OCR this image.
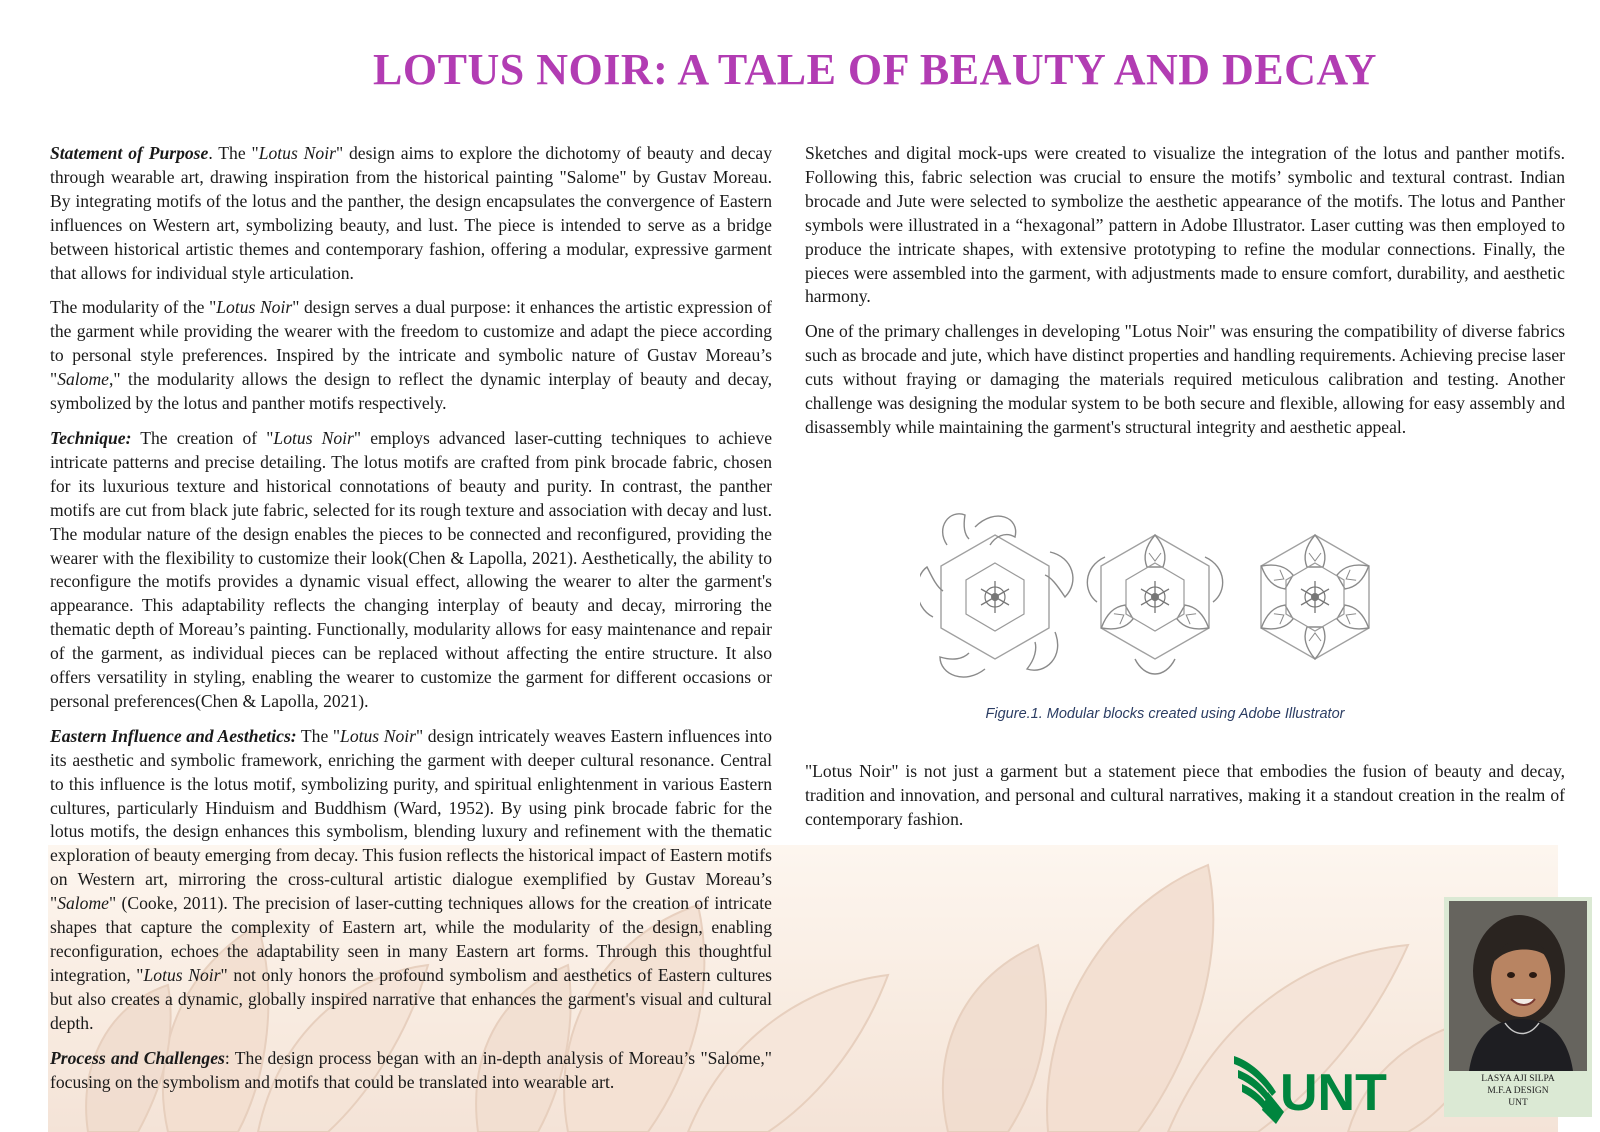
LOTUS NOIR: A TALE OF BEAUTY AND DECAY

Statement of Purpose. The "Lotus Noir" design aims to explore the dichotomy of beauty and decay through wearable art, drawing inspiration from the historical painting "Salome" by Gustav Moreau. By integrating motifs of the lotus and the panther, the design encapsulates the convergence of Eastern influences on Western art, symbolizing beauty, and lust. The piece is intended to serve as a bridge between historical artistic themes and contemporary fashion, offering a modular, expressive garment that allows for individual style articulation.

The modularity of the "Lotus Noir" design serves a dual purpose: it enhances the artistic expression of the garment while providing the wearer with the freedom to customize and adapt the piece according to personal style preferences. Inspired by the intricate and symbolic nature of Gustav Moreau’s "Salome," the modularity allows the design to reflect the dynamic interplay of beauty and decay, symbolized by the lotus and panther motifs respectively.

Technique: The creation of "Lotus Noir" employs advanced laser-cutting techniques to achieve intricate patterns and precise detailing. The lotus motifs are crafted from pink brocade fabric, chosen for its luxurious texture and historical connotations of beauty and purity. In contrast, the panther motifs are cut from black jute fabric, selected for its rough texture and association with decay and lust. The modular nature of the design enables the pieces to be connected and reconfigured, providing the wearer with the flexibility to customize their look(Chen & Lapolla, 2021). Aesthetically, the ability to reconfigure the motifs provides a dynamic visual effect, allowing the wearer to alter the garment's appearance. This adaptability reflects the changing interplay of beauty and decay, mirroring the thematic depth of Moreau’s painting. Functionally, modularity allows for easy maintenance and repair of the garment, as individual pieces can be replaced without affecting the entire structure. It also offers versatility in styling, enabling the wearer to customize the garment for different occasions or personal preferences(Chen & Lapolla, 2021).

Eastern Influence and Aesthetics: The "Lotus Noir" design intricately weaves Eastern influences into its aesthetic and symbolic framework, enriching the garment with deeper cultural resonance. Central to this influence is the lotus motif, symbolizing purity, and spiritual enlightenment in various Eastern cultures, particularly Hinduism and Buddhism (Ward, 1952). By using pink brocade fabric for the lotus motifs, the design enhances this symbolism, blending luxury and refinement with the thematic exploration of beauty emerging from decay. This fusion reflects the historical impact of Eastern motifs on Western art, mirroring the cross-cultural artistic dialogue exemplified by Gustav Moreau’s "Salome" (Cooke, 2011). The precision of laser-cutting techniques allows for the creation of intricate shapes that capture the complexity of Eastern art, while the modularity of the design, enabling reconfiguration, echoes the adaptability seen in many Eastern art forms. Through this thoughtful integration, "Lotus Noir" not only honors the profound symbolism and aesthetics of Eastern cultures but also creates a dynamic, globally inspired narrative that enhances the garment's visual and cultural depth.

Process and Challenges: The design process began with an in-depth analysis of Moreau’s "Salome," focusing on the symbolism and motifs that could be translated into wearable art.

Sketches and digital mock-ups were created to visualize the integration of the lotus and panther motifs. Following this, fabric selection was crucial to ensure the motifs’ symbolic and textural contrast. Indian brocade and Jute were selected to symbolize the aesthetic appearance of the motifs. The lotus and Panther symbols were illustrated in a “hexagonal” pattern in Adobe Illustrator. Laser cutting was then employed to produce the intricate shapes, with extensive prototyping to refine the modular connections. Finally, the pieces were assembled into the garment, with adjustments made to ensure comfort, durability, and aesthetic harmony.

One of the primary challenges in developing "Lotus Noir" was ensuring the compatibility of diverse fabrics such as brocade and jute, which have distinct properties and handling requirements. Achieving precise laser cuts without fraying or damaging the materials required meticulous calibration and testing. Another challenge was designing the modular system to be both secure and flexible, allowing for easy assembly and disassembly while maintaining the garment's structural integrity and aesthetic appeal.

Figure.1. Modular blocks created using Adobe Illustrator

"Lotus Noir" is not just a garment but a statement piece that embodies the fusion of beauty and decay, tradition and innovation, and personal and cultural narratives, making it a standout creation in the realm of contemporary fashion.

UNT	LASYA AJI SILPA
M.F.A DESIGN
UNT
